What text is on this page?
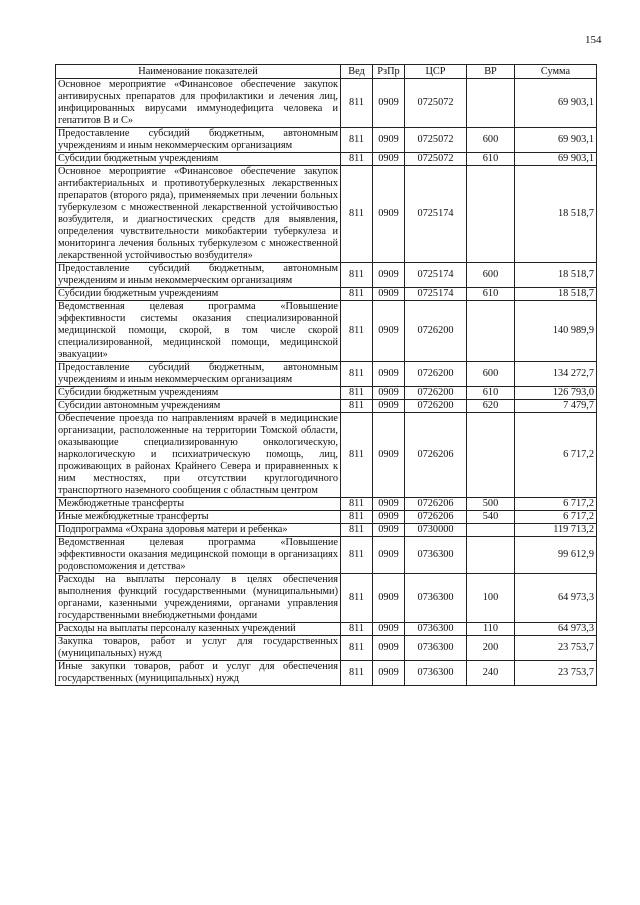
154
Наименование показателей	Вед	РзПр	ЦСР	ВР	Сумма
Основное мероприятие «Финансовое обеспечение закупок антивирусных препаратов для профилактики и лечения лиц, инфицированных вирусами иммунодефицита человека и гепатитов В и С»	811	0909	0725072		69 903,1
Предоставление субсидий бюджетным, автономным учреждениям и иным некоммерческим организациям	811	0909	0725072	600	69 903,1
Субсидии бюджетным учреждениям	811	0909	0725072	610	69 903,1
Основное мероприятие «Финансовое обеспечение закупок антибактериальных и противотуберкулезных лекарственных препаратов (второго ряда), применяемых при лечении больных туберкулезом с множественной лекарственной устойчивостью возбудителя, и диагностических средств для выявления, определения чувствительности микобактерии туберкулеза и мониторинга лечения больных туберкулезом с множественной лекарственной устойчивостью возбудителя»	811	0909	0725174		18 518,7
Предоставление субсидий бюджетным, автономным учреждениям и иным некоммерческим организациям	811	0909	0725174	600	18 518,7
Субсидии бюджетным учреждениям	811	0909	0725174	610	18 518,7
Ведомственная целевая программа «Повышение эффективности системы оказания специализированной медицинской помощи, скорой, в том числе скорой специализированной, медицинской помощи, медицинской эвакуации»	811	0909	0726200		140 989,9
Предоставление субсидий бюджетным, автономным учреждениям и иным некоммерческим организациям	811	0909	0726200	600	134 272,7
Субсидии бюджетным учреждениям	811	0909	0726200	610	126 793,0
Субсидии автономным учреждениям	811	0909	0726200	620	7 479,7
Обеспечение проезда по направлениям врачей в медицинские организации, расположенные на территории Томской области, оказывающие специализированную онкологическую, наркологическую и психиатрическую помощь, лиц, проживающих в районах Крайнего Севера и приравненных к ним местностях, при отсутствии круглогодичного транспортного наземного сообщения с областным центром	811	0909	0726206		6 717,2
Межбюджетные трансферты	811	0909	0726206	500	6 717,2
Иные межбюджетные трансферты	811	0909	0726206	540	6 717,2
Подпрограмма «Охрана здоровья матери и ребенка»	811	0909	0730000		119 713,2
Ведомственная целевая программа «Повышение эффективности оказания медицинской помощи в организациях родовспоможения и детства»	811	0909	0736300		99 612,9
Расходы на выплаты персоналу в целях обеспечения выполнения функций государственными (муниципальными) органами, казенными учреждениями, органами управления государственными внебюджетными фондами	811	0909	0736300	100	64 973,3
Расходы на выплаты персоналу казенных учреждений	811	0909	0736300	110	64 973,3
Закупка товаров, работ и услуг для государственных (муниципальных) нужд	811	0909	0736300	200	23 753,7
Иные закупки товаров, работ и услуг для обеспечения государственных (муниципальных) нужд	811	0909	0736300	240	23 753,7
